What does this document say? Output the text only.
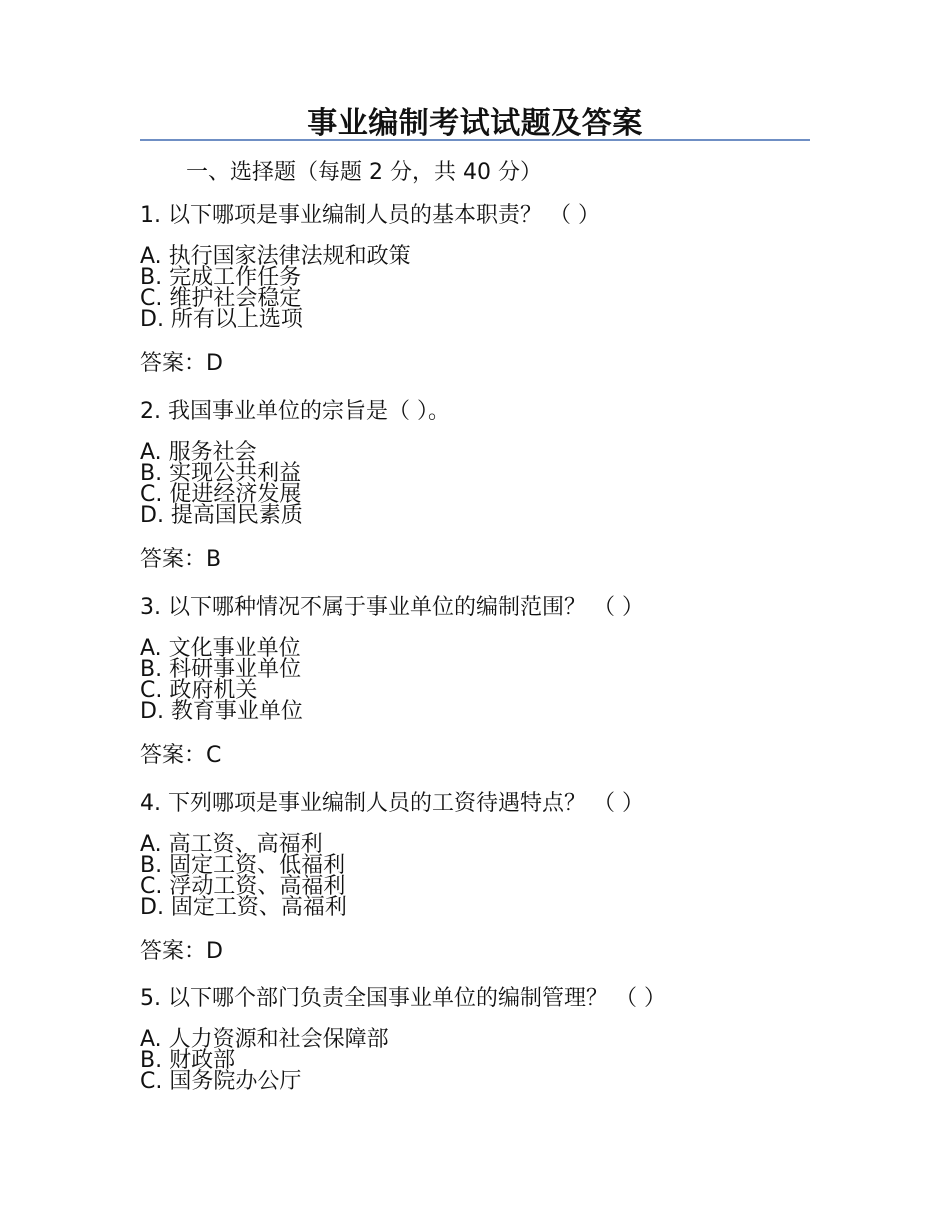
事业编制考试试题及答案
一、选择题（每题 2 分，共 40 分）
1. 以下哪项是事业编制人员的基本职责？ （ ）
A. 执行国家法律法规和政策
B. 完成工作任务
C. 维护社会稳定
D. 所有以上选项
答案：D
2. 我国事业单位的宗旨是（ ）。
A. 服务社会
B. 实现公共利益
C. 促进经济发展
D. 提高国民素质
答案：B
3. 以下哪种情况不属于事业单位的编制范围？ （ ）
A. 文化事业单位
B. 科研事业单位
C. 政府机关
D. 教育事业单位
答案：C
4. 下列哪项是事业编制人员的工资待遇特点？ （ ）
A. 高工资、高福利
B. 固定工资、低福利
C. 浮动工资、高福利
D. 固定工资、高福利
答案：D
5. 以下哪个部门负责全国事业单位的编制管理？ （ ）
A. 人力资源和社会保障部
B. 财政部
C. 国务院办公厅
